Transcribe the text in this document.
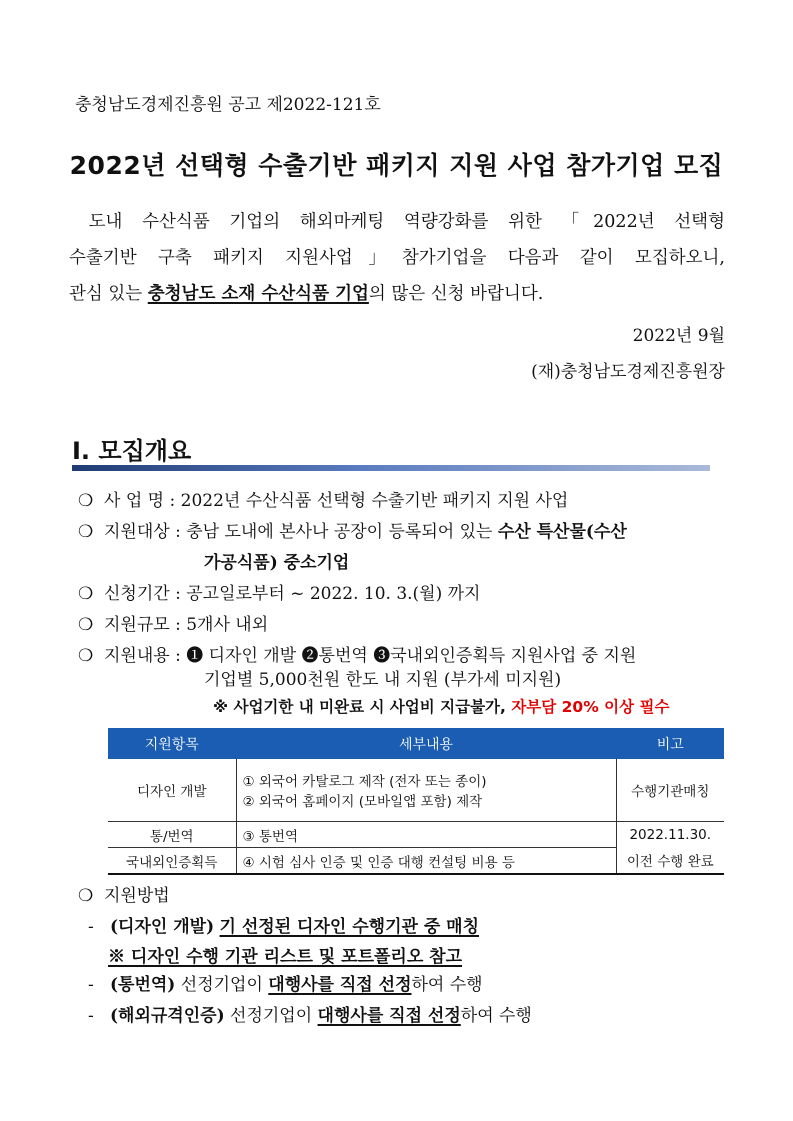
충청남도경제진흥원 공고 제2022-121호
2022년 선택형 수출기반 패키지 지원 사업 참가기업 모집
도내 수산식품 기업의 해외마케팅 역량강화를 위한 「2022년 선택형
수출기반 구축 패키지 지원사업」참가기업을 다음과 같이 모집하오니,
관심 있는 충청남도 소재 수산식품 기업의 많은 신청 바랍니다.
2022년 9월
(재)충청남도경제진흥원장
Ⅰ. 모집개요
❍ 사 업 명 : 2022년 수산식품 선택형 수출기반 패키지 지원 사업
❍ 지원대상 : 충남 도내에 본사나 공장이 등록되어 있는 수산 특산물(수산
가공식품) 중소기업
❍ 신청기간 : 공고일로부터 ~ 2022. 10. 3.(월) 까지
❍ 지원규모 : 5개사 내외
❍ 지원내용 : ❶ 디자인 개발 ❷통번역 ❸국내외인증획득 지원사업 중 지원
기업별 5,000천원 한도 내 지원 (부가세 미지원)
※ 사업기한 내 미완료 시 사업비 지급불가, 자부담 20% 이상 필수
지원항목	세부내용	비고
디자인 개발	① 외국어 카탈로그 제작 (전자 또는 종이)
② 외국어 홈페이지 (모바일앱 포함) 제작	수행기관매칭
통/번역	③ 통번역	2022.11.30.
국내외인증획득	④ 시험 심사 인증 및 인증 대행 컨설팅 비용 등	이전 수행 완료
❍ 지원방법
- (디자인 개발) 기 선정된 디자인 수행기관 중 매칭
※ 디자인 수행 기관 리스트 및 포트폴리오 참고
- (통번역) 선정기업이 대행사를 직접 선정하여 수행
- (해외규격인증) 선정기업이 대행사를 직접 선정하여 수행
